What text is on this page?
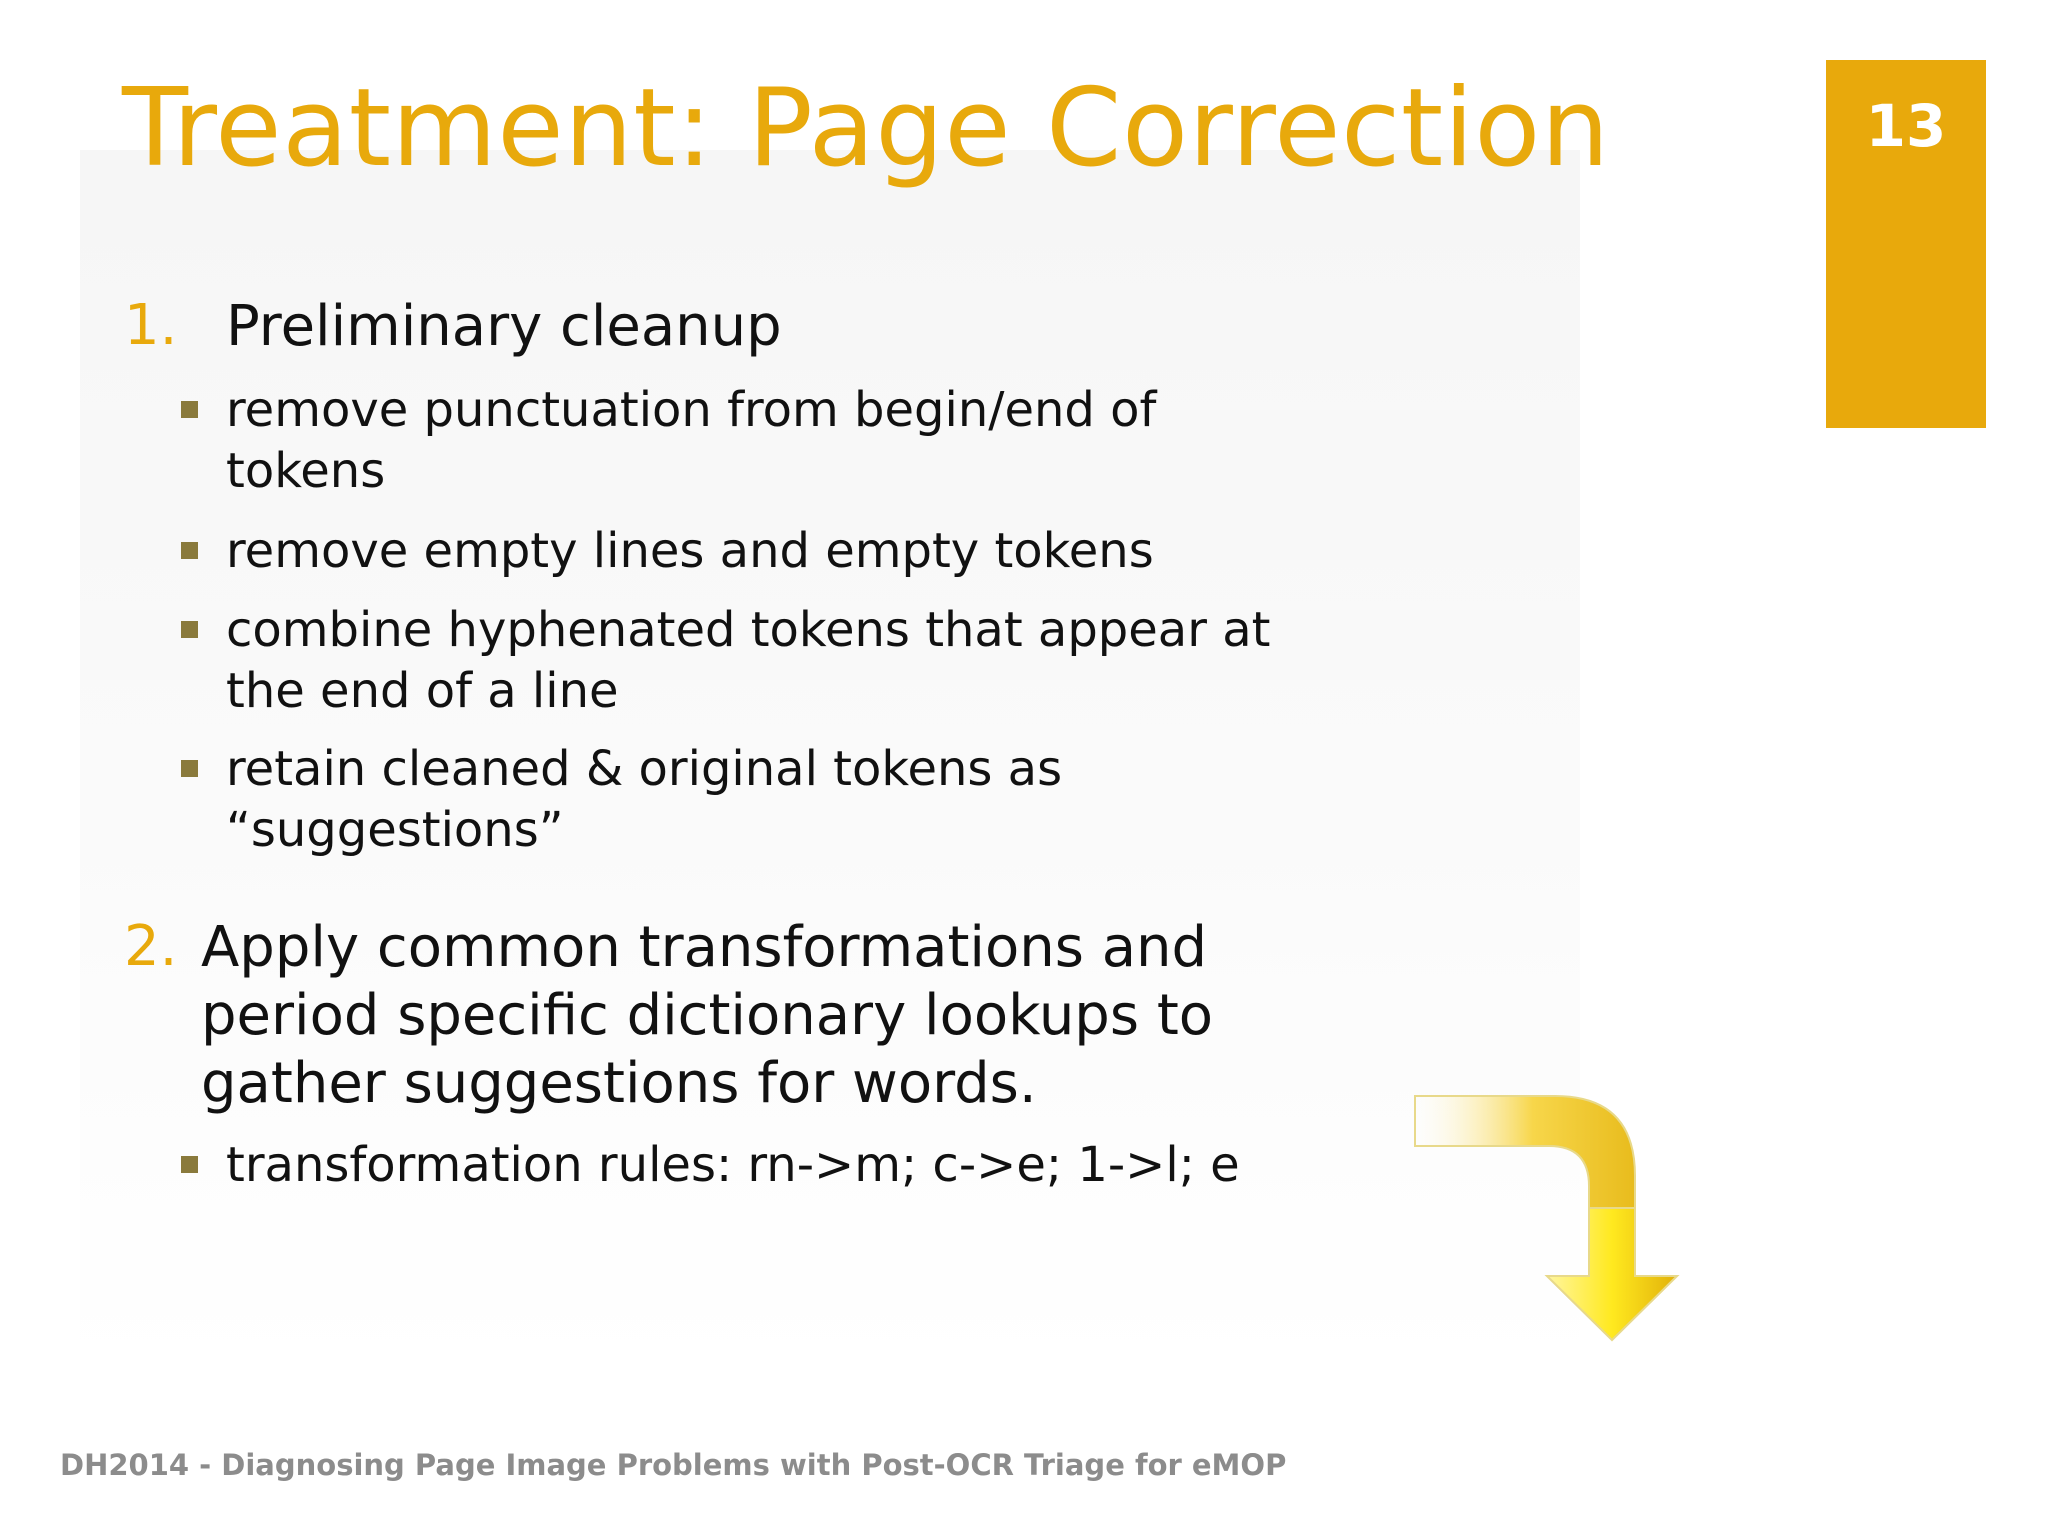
Treatment: Page Correction	13
1. Preliminary cleanup
remove punctuation from begin/end of tokens
remove empty lines and empty tokens
combine hyphenated tokens that appear at the end of a line
retain cleaned & original tokens as “suggestions”
2. Apply common transformations and period specific dictionary lookups to gather suggestions for words.
transformation rules: rn->m; c->e; 1->l; e
DH2014 - Diagnosing Page Image Problems with Post-OCR Triage for eMOP
